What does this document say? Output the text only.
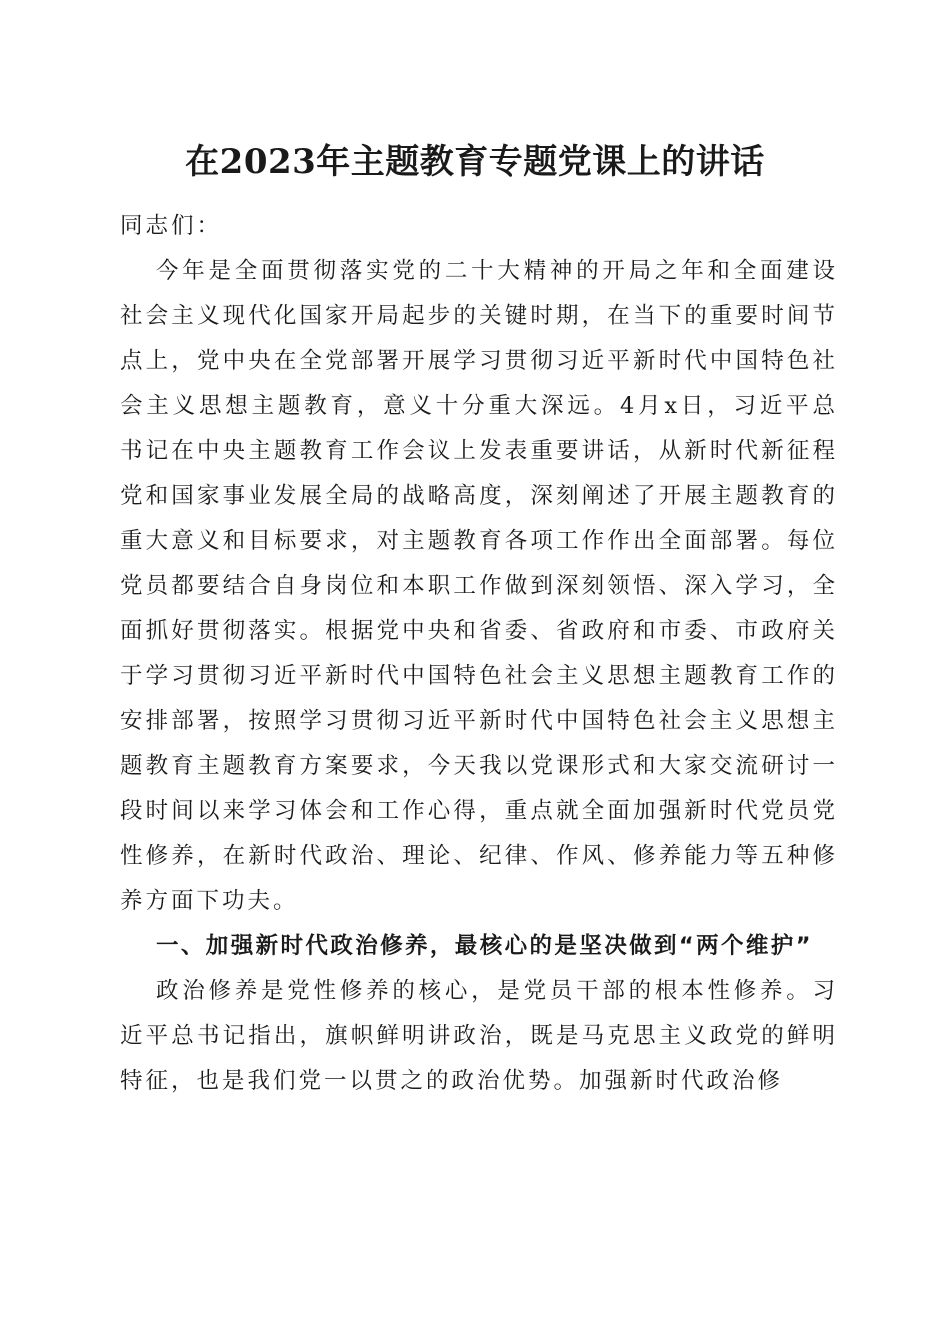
在2023年主题教育专题党课上的讲话

同志们：

今年是全面贯彻落实党的二十大精神的开局之年和全面建设社会主义现代化国家开局起步的关键时期，在当下的重要时间节点上，党中央在全党部署开展学习贯彻习近平新时代中国特色社会主义思想主题教育，意义十分重大深远。4月x日，习近平总书记在中央主题教育工作会议上发表重要讲话，从新时代新征程党和国家事业发展全局的战略高度，深刻阐述了开展主题教育的重大意义和目标要求，对主题教育各项工作作出全面部署。每位党员都要结合自身岗位和本职工作做到深刻领悟、深入学习，全面抓好贯彻落实。根据党中央和省委、省政府和市委、市政府关于学习贯彻习近平新时代中国特色社会主义思想主题教育工作的安排部署，按照学习贯彻习近平新时代中国特色社会主义思想主题教育主题教育方案要求，今天我以党课形式和大家交流研讨一段时间以来学习体会和工作心得，重点就全面加强新时代党员党性修养，在新时代政治、理论、纪律、作风、修养能力等五种修养方面下功夫。

一、加强新时代政治修养，最核心的是坚决做到“两个维护”

政治修养是党性修养的核心，是党员干部的根本性修养。习近平总书记指出，旗帜鲜明讲政治，既是马克思主义政党的鲜明特征，也是我们党一以贯之的政治优势。加强新时代政治修
